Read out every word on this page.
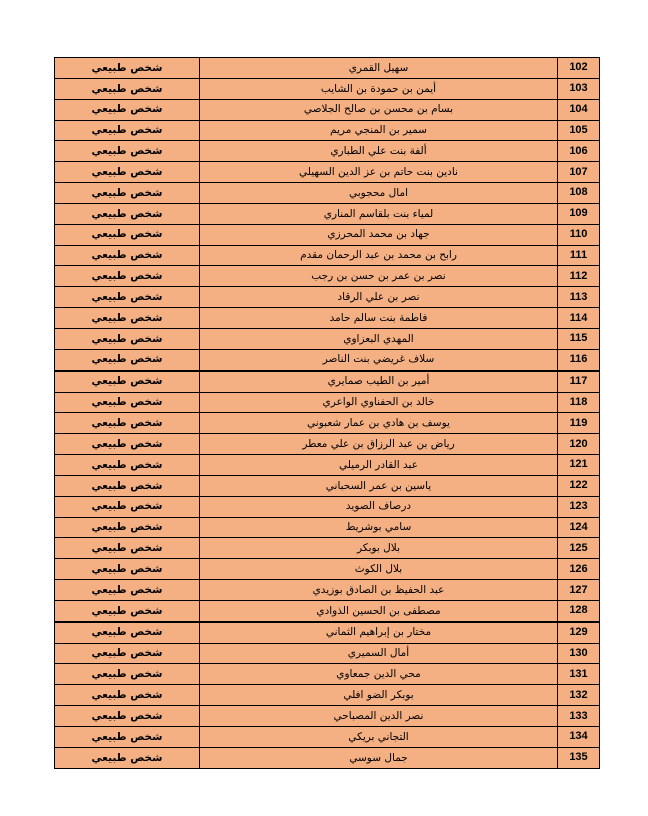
102	سهيل القمري	شخص طبيعي
103	أيمن بن حمودة بن الشايب	شخص طبيعي
104	بسام بن محسن بن صالح الجلاصي	شخص طبيعي
105	سمير بن المنجي مريم	شخص طبيعي
106	ألفة بنت علي الطباري	شخص طبيعي
107	نادين بنت حاتم بن عز الدين السهيلي	شخص طبيعي
108	امال محجوبي	شخص طبيعي
109	لمياء بنت بلقاسم المناري	شخص طبيعي
110	جهاد بن محمد المحرزي	شخص طبيعي
111	رابح بن محمد بن عبد الرحمان مقدم	شخص طبيعي
112	نصر بن عمر بن حسن بن رجب	شخص طبيعي
113	نصر بن علي الرقاد	شخص طبيعي
114	فاطمة بنت سالم حامد	شخص طبيعي
115	المهدي البعزاوي	شخص طبيعي
116	سلاف غريضي بنت الناصر	شخص طبيعي
117	أمير بن الطيب صمايري	شخص طبيعي
118	خالد بن الحفناوي الواعري	شخص طبيعي
119	يوسف بن هادي بن عمار شعبوني	شخص طبيعي
120	رياض بن عبد الرزاق بن علي معطر	شخص طبيعي
121	عبد القادر الرميلي	شخص طبيعي
122	ياسين بن عمر السحباني	شخص طبيعي
123	درصاف الصويد	شخص طبيعي
124	سامي بوشريط	شخص طبيعي
125	بلال بوبكر	شخص طبيعي
126	بلال الكوث	شخص طبيعي
127	عبد الحفيظ بن الصادق بوزيدي	شخص طبيعي
128	مصطفى بن الحسين الذوادي	شخص طبيعي
129	مختار بن إبراهيم الثماني	شخص طبيعي
130	أمال السميري	شخص طبيعي
131	محي الدين جمعاوي	شخص طبيعي
132	بوبكر الضو افلي	شخص طبيعي
133	نصر الدين المصباحي	شخص طبيعي
134	التجاني بريكي	شخص طبيعي
135	جمال سوسي	شخص طبيعي
